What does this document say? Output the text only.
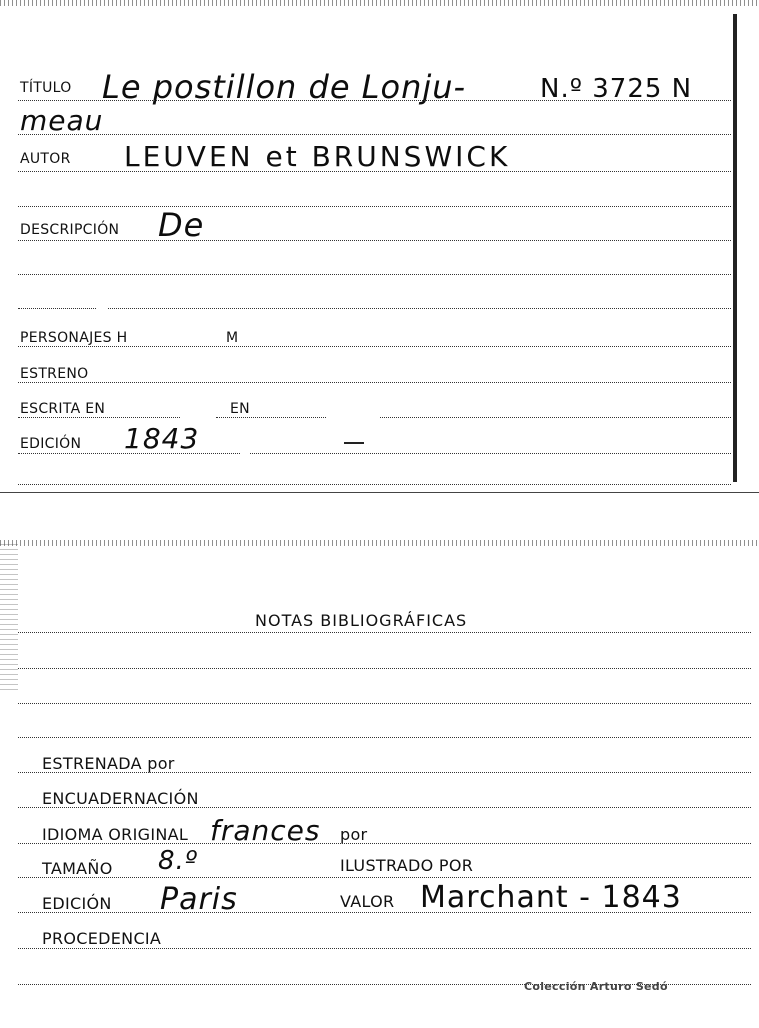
TÍTULO Le postillon de Lonju-	N.º 3725 N
meau
AUTOR LEUVEN et BRUNSWICK
DESCRIPCIÓN De
PERSONAJES H	M
ESTRENO
ESCRITA EN	EN
EDICIÓN 1843
NOTAS BIBLIOGRÁFICAS
ESTRENADA por
ENCUADERNACIÓN
IDIOMA ORIGINAL frances por
TAMAÑO 8.º	ILUSTRADO POR
EDICIÓN Paris	VALOR Marchant - 1843
PROCEDENCIA
Colección Arturo Sedó
